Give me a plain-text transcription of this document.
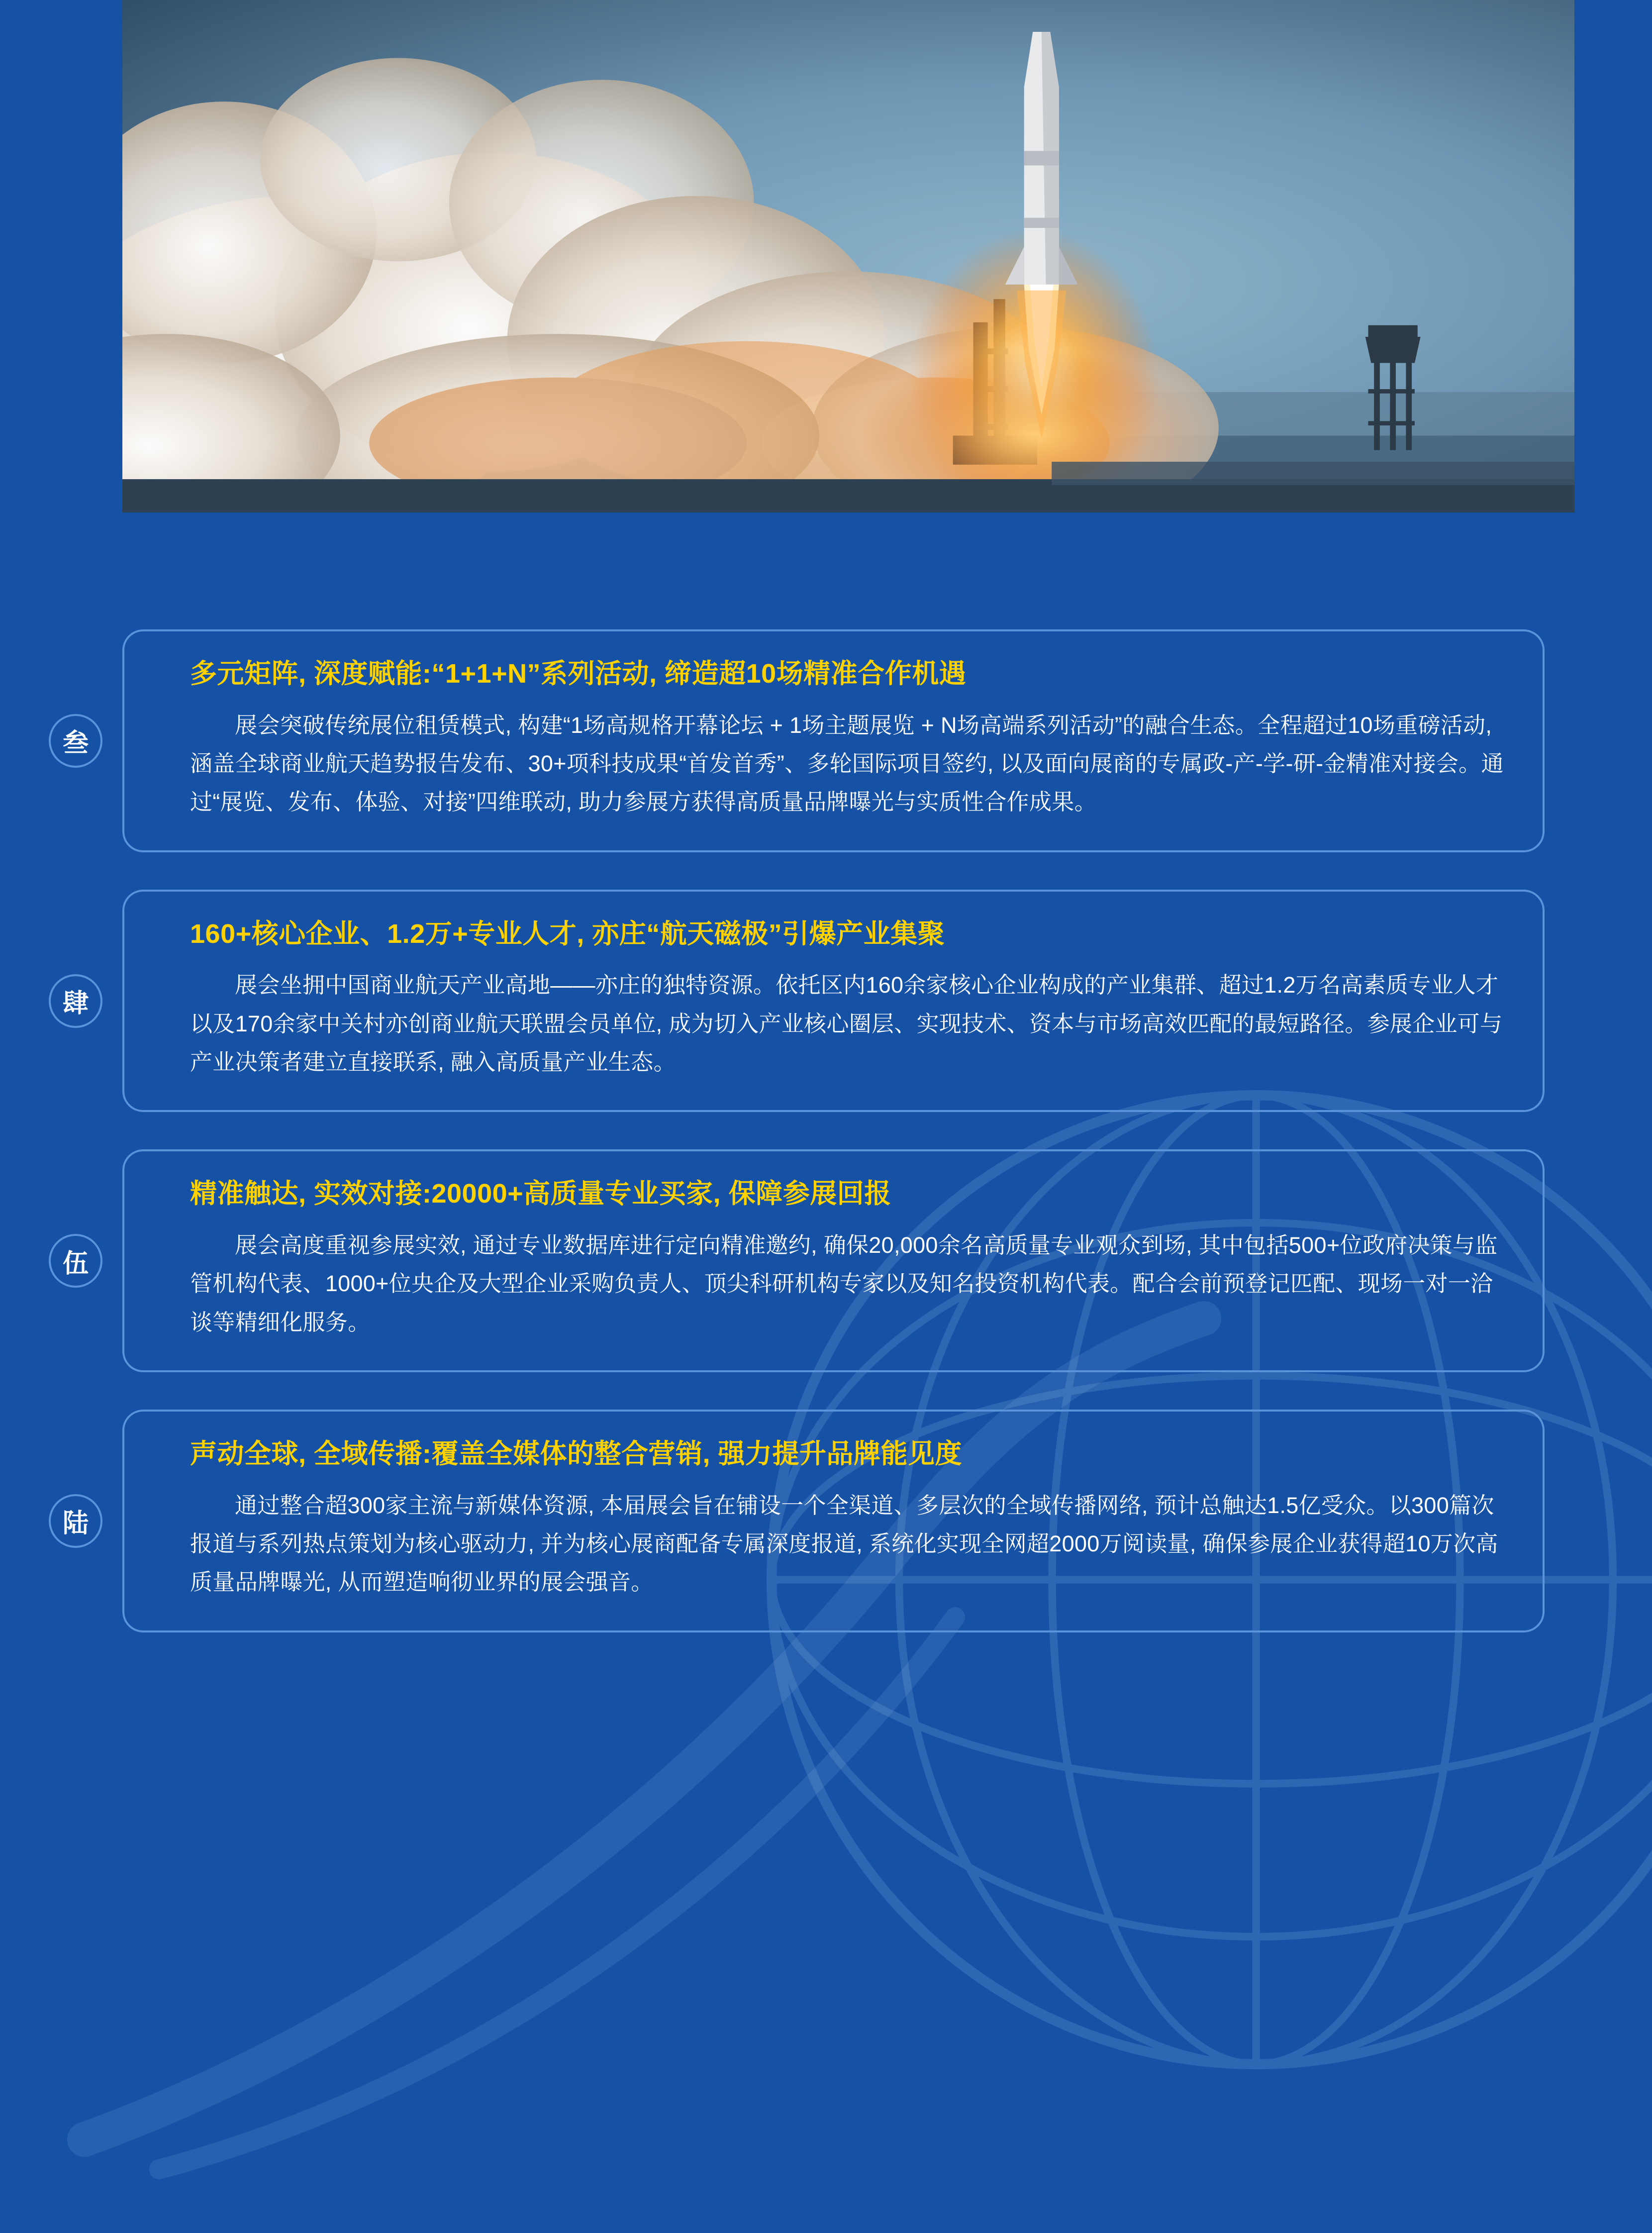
叁
多元矩阵, 深度赋能:“1+1+N”系列活动, 缔造超10场精准合作机遇

展会突破传统展位租赁模式, 构建“1场高规格开幕论坛 + 1场主题展览 + N场高端系列活动”的融合生态。全程超过10场重磅活动, 涵盖全球商业航天趋势报告发布、30+项科技成果“首发首秀”、多轮国际项目签约, 以及面向展商的专属政-产-学-研-金精准对接会。通过“展览、发布、体验、对接”四维联动, 助力参展方获得高质量品牌曝光与实质性合作成果。

肆
160+核心企业、1.2万+专业人才, 亦庄“航天磁极”引爆产业集聚

展会坐拥中国商业航天产业高地——亦庄的独特资源。依托区内160余家核心企业构成的产业集群、超过1.2万名高素质专业人才以及170余家中关村亦创商业航天联盟会员单位, 成为切入产业核心圈层、实现技术、资本与市场高效匹配的最短路径。参展企业可与产业决策者建立直接联系, 融入高质量产业生态。

伍
精准触达, 实效对接:20000+高质量专业买家, 保障参展回报

展会高度重视参展实效, 通过专业数据库进行定向精准邀约, 确保20,000余名高质量专业观众到场, 其中包括500+位政府决策与监管机构代表、1000+位央企及大型企业采购负责人、顶尖科研机构专家以及知名投资机构代表。配合会前预登记匹配、现场一对一洽谈等精细化服务。

陆
声动全球, 全域传播:覆盖全媒体的整合营销, 强力提升品牌能见度

通过整合超300家主流与新媒体资源, 本届展会旨在铺设一个全渠道、多层次的全域传播网络, 预计总触达1.5亿受众。以300篇次报道与系列热点策划为核心驱动力, 并为核心展商配备专属深度报道, 系统化实现全网超2000万阅读量, 确保参展企业获得超10万次高质量品牌曝光, 从而塑造响彻业界的展会强音。
